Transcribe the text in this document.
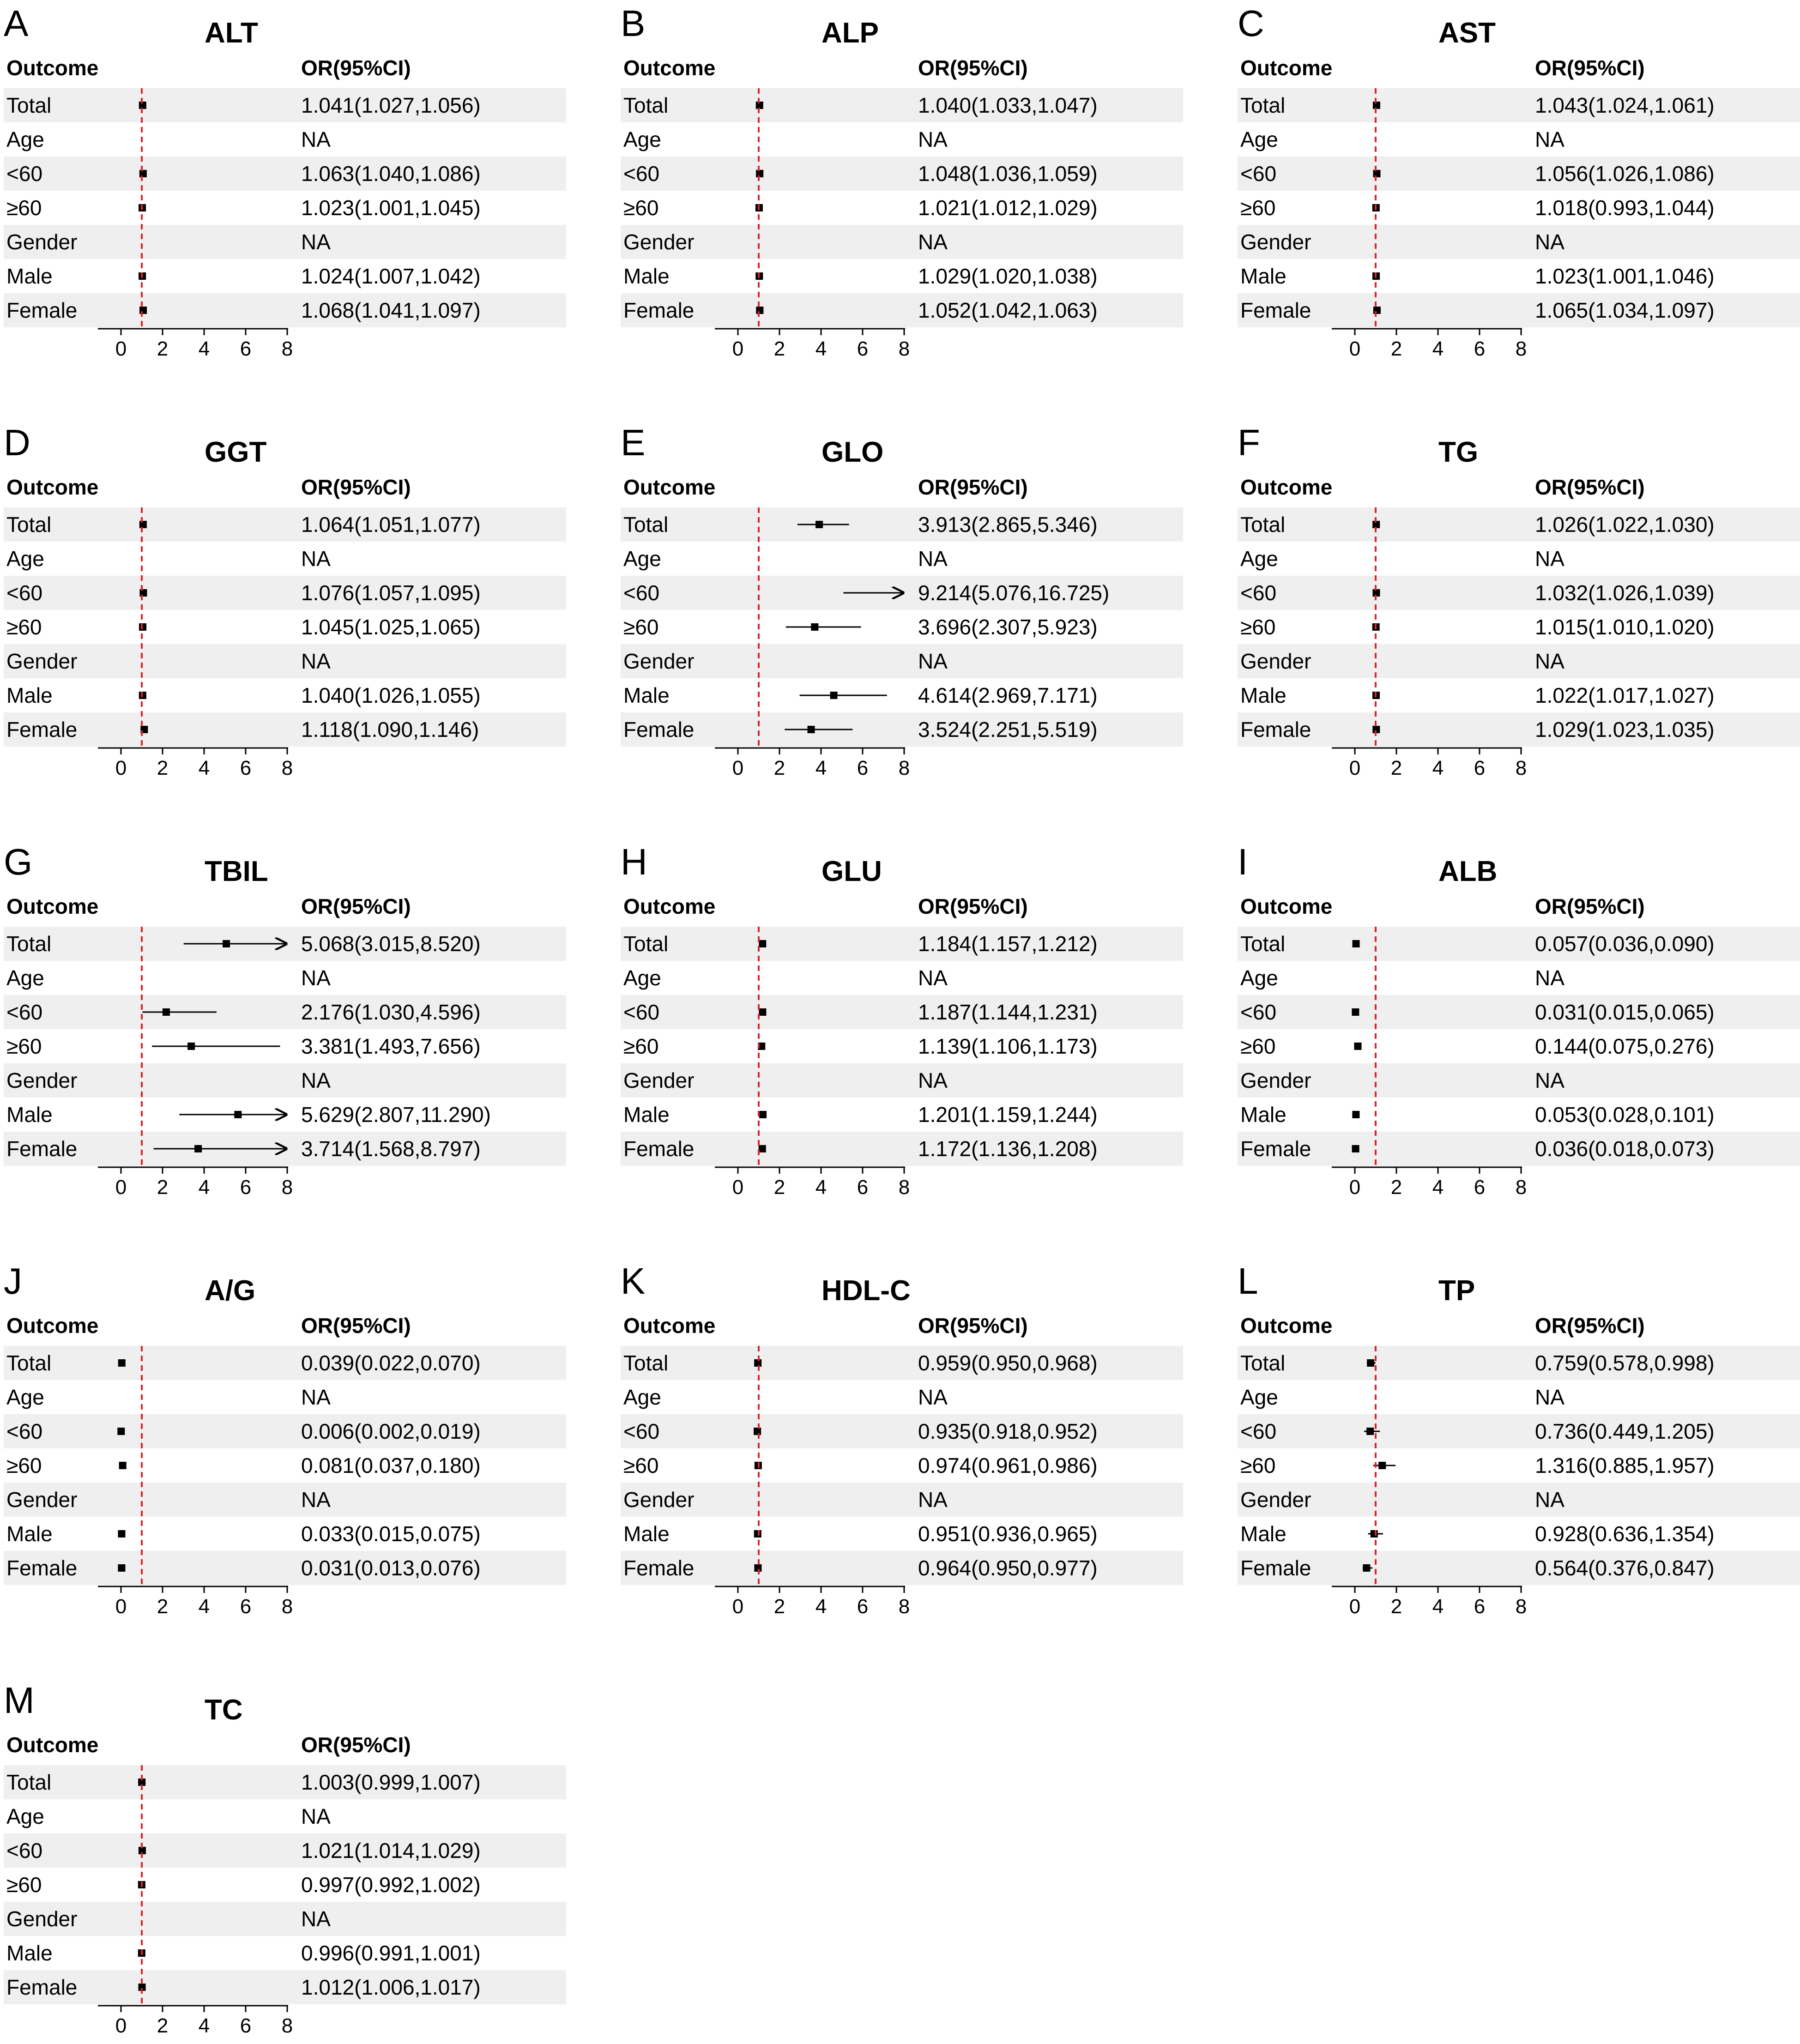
A	ALT
Outcome	OR(95%CI)
Total	1.041(1.027,1.056)
Age	NA
<60	1.063(1.040,1.086)
≥60	1.023(1.001,1.045)
Gender	NA
Male	1.024(1.007,1.042)
Female	1.068(1.041,1.097)
0 2 4 6 8
B	ALP
Outcome	OR(95%CI)
Total	1.040(1.033,1.047)
Age	NA
<60	1.048(1.036,1.059)
≥60	1.021(1.012,1.029)
Gender	NA
Male	1.029(1.020,1.038)
Female	1.052(1.042,1.063)
0 2 4 6 8
C	AST
Outcome	OR(95%CI)
Total	1.043(1.024,1.061)
Age	NA
<60	1.056(1.026,1.086)
≥60	1.018(0.993,1.044)
Gender	NA
Male	1.023(1.001,1.046)
Female	1.065(1.034,1.097)
0 2 4 6 8
D	GGT
Outcome	OR(95%CI)
Total	1.064(1.051,1.077)
Age	NA
<60	1.076(1.057,1.095)
≥60	1.045(1.025,1.065)
Gender	NA
Male	1.040(1.026,1.055)
Female	1.118(1.090,1.146)
0 2 4 6 8
E	GLO
Outcome	OR(95%CI)
Total	3.913(2.865,5.346)
Age	NA
<60	9.214(5.076,16.725)
≥60	3.696(2.307,5.923)
Gender	NA
Male	4.614(2.969,7.171)
Female	3.524(2.251,5.519)
0 2 4 6 8
F	TG
Outcome	OR(95%CI)
Total	1.026(1.022,1.030)
Age	NA
<60	1.032(1.026,1.039)
≥60	1.015(1.010,1.020)
Gender	NA
Male	1.022(1.017,1.027)
Female	1.029(1.023,1.035)
0 2 4 6 8
G	TBIL
Outcome	OR(95%CI)
Total	5.068(3.015,8.520)
Age	NA
<60	2.176(1.030,4.596)
≥60	3.381(1.493,7.656)
Gender	NA
Male	5.629(2.807,11.290)
Female	3.714(1.568,8.797)
0 2 4 6 8
H	GLU
Outcome	OR(95%CI)
Total	1.184(1.157,1.212)
Age	NA
<60	1.187(1.144,1.231)
≥60	1.139(1.106,1.173)
Gender	NA
Male	1.201(1.159,1.244)
Female	1.172(1.136,1.208)
0 2 4 6 8
I	ALB
Outcome	OR(95%CI)
Total	0.057(0.036,0.090)
Age	NA
<60	0.031(0.015,0.065)
≥60	0.144(0.075,0.276)
Gender	NA
Male	0.053(0.028,0.101)
Female	0.036(0.018,0.073)
0 2 4 6 8
J	A/G
Outcome	OR(95%CI)
Total	0.039(0.022,0.070)
Age	NA
<60	0.006(0.002,0.019)
≥60	0.081(0.037,0.180)
Gender	NA
Male	0.033(0.015,0.075)
Female	0.031(0.013,0.076)
0 2 4 6 8
K	HDL-C
Outcome	OR(95%CI)
Total	0.959(0.950,0.968)
Age	NA
<60	0.935(0.918,0.952)
≥60	0.974(0.961,0.986)
Gender	NA
Male	0.951(0.936,0.965)
Female	0.964(0.950,0.977)
0 2 4 6 8
L	TP
Outcome	OR(95%CI)
Total	0.759(0.578,0.998)
Age	NA
<60	0.736(0.449,1.205)
≥60	1.316(0.885,1.957)
Gender	NA
Male	0.928(0.636,1.354)
Female	0.564(0.376,0.847)
0 2 4 6 8
M	TC
Outcome	OR(95%CI)
Total	1.003(0.999,1.007)
Age	NA
<60	1.021(1.014,1.029)
≥60	0.997(0.992,1.002)
Gender	NA
Male	0.996(0.991,1.001)
Female	1.012(1.006,1.017)
0 2 4 6 8
